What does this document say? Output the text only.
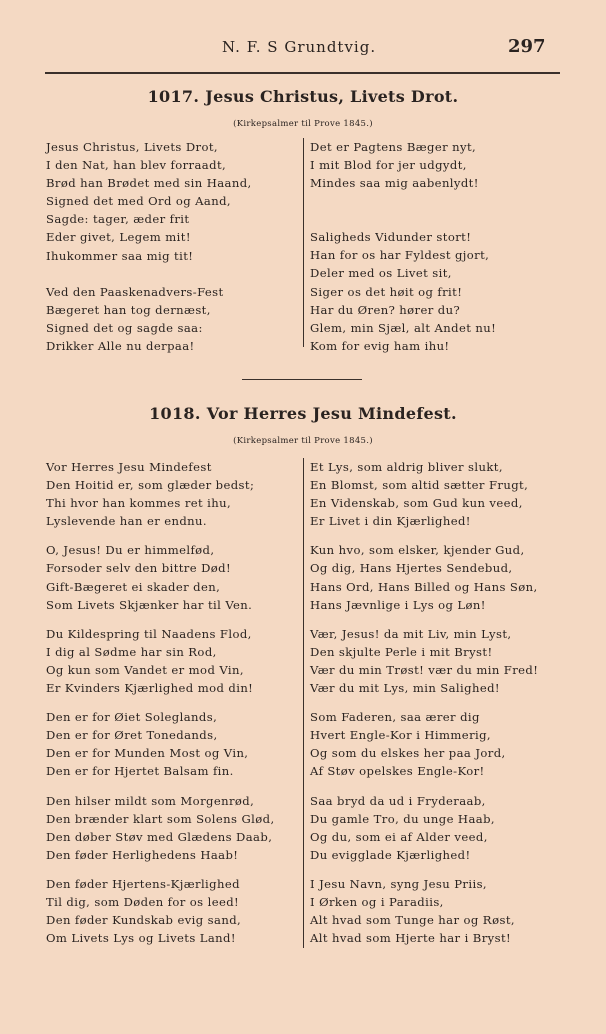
N. F. S Grundtvig.	297
1017. Jesus Christus, Livets Drot.
(Kirkepsalmer til Prove 1845.)
Jesus Christus, Livets Drot,
I den Nat, han blev forraadt,
Brød han Brødet med sin Haand,
Signed det med Ord og Aand,
Sagde: tager, æder frit
Eder givet, Legem mit!
Ihukommer saa mig tit!
Ved den Paaskenadvers-Fest
Bægeret han tog dernæst,
Signed det og sagde saa:
Drikker Alle nu derpaa!
Det er Pagtens Bæger nyt,
I mit Blod for jer udgydt,
Mindes saa mig aabenlydt!
Saligheds Vidunder stort!
Han for os har Fyldest gjort,
Deler med os Livet sit,
Siger os det høit og frit!
Har du Øren? hører du?
Glem, min Sjæl, alt Andet nu!
Kom for evig ham ihu!
1018. Vor Herres Jesu Mindefest.
(Kirkepsalmer til Prove 1845.)
Vor Herres Jesu Mindefest
Den Hoitid er, som glæder bedst;
Thi hvor han kommes ret ihu,
Lyslevende han er endnu.
O, Jesus! Du er himmelfød,
Forsoder selv den bittre Død!
Gift-Bægeret ei skader den,
Som Livets Skjænker har til Ven.
Du Kildespring til Naadens Flod,
I dig al Sødme har sin Rod,
Og kun som Vandet er mod Vin,
Er Kvinders Kjærlighed mod din!
Den er for Øiet Solegland​s,
Den er for Øret Tonedands,
Den er for Munden Most og Vin,
Den er for Hjertet Balsam fin.
Den hilser mildt som Morgenrød,
Den brænder klart som Solens Glød,
Den døber Støv med Glædens Daab,
Den føder Herlighedens Haab!
Den føder Hjertens-Kjærlighed
Til dig, som Døden for os leed!
Den føder Kundskab evig sand,
Om Livets Lys og Livets Land!
Et Lys, som aldrig bliver slukt,
En Blomst, som altid sætter Frugt,
En Videnskab, som Gud kun veed,
Er Livet i din Kjærlighed!
Kun hvo, som elsker, kjender Gud,
Og dig, Hans Hjertes Sendebud,
Hans Ord, Hans Billed og Hans Søn,
Hans Jævnlige i Lys og Løn!
Vær, Jesus! da mit Liv, min Lyst,
Den skjulte Perle i mit Bryst!
Vær du min Trøst! vær du min Fred!
Vær du mit Lys, min Salighed!
Som Faderen, saa ærer dig
Hvert Engle-Kor i Himmerig,
Og som du elskes her paa Jord,
Af Støv opelskes Engle-Kor!
Saa bryd da ud i Fryderaab,
Du gamle Tro, du unge Haab,
Og du, som ei af Alder veed,
Du evigglade Kjærlighed!
I Jesu Navn, syng Jesu Priis,
I Ørken og i Paradiis,
Alt hvad som Tunge har og Røst,
Alt hvad som Hjerte har i Bryst!
